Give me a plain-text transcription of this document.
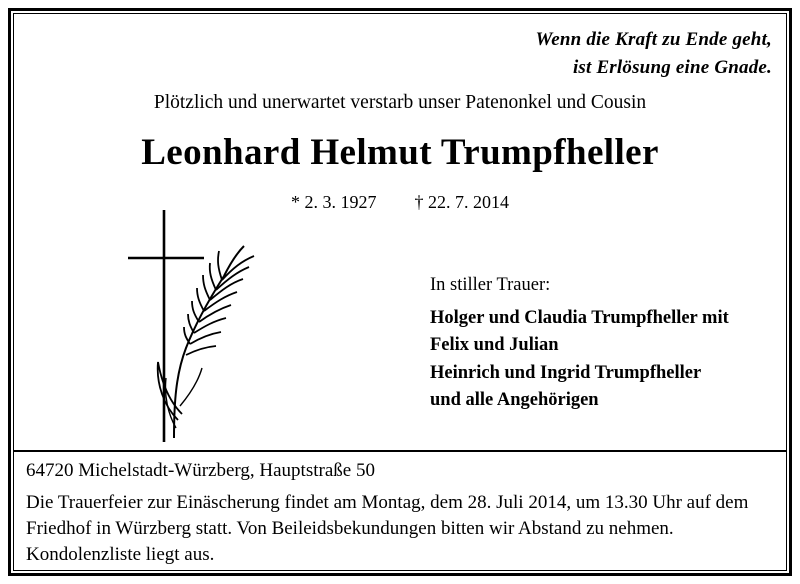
Wenn die Kraft zu Ende geht,
ist Erlösung eine Gnade.
Plötzlich und unerwartet verstarb unser Patenonkel und Cousin
Leonhard Helmut Trumpfheller
* 2. 3. 1927 † 22. 7. 2014
In stiller Trauer:
Holger und Claudia Trumpfheller mit
Felix und Julian
Heinrich und Ingrid Trumpfheller
und alle Angehörigen
64720 Michelstadt-Würzberg, Hauptstraße 50
Die Trauerfeier zur Einäscherung findet am Montag, dem 28. Juli 2014, um 13.30 Uhr auf dem Friedhof in Würzberg statt. Von Beileidsbekundungen bitten wir Abstand zu nehmen. Kondolenzliste liegt aus.
